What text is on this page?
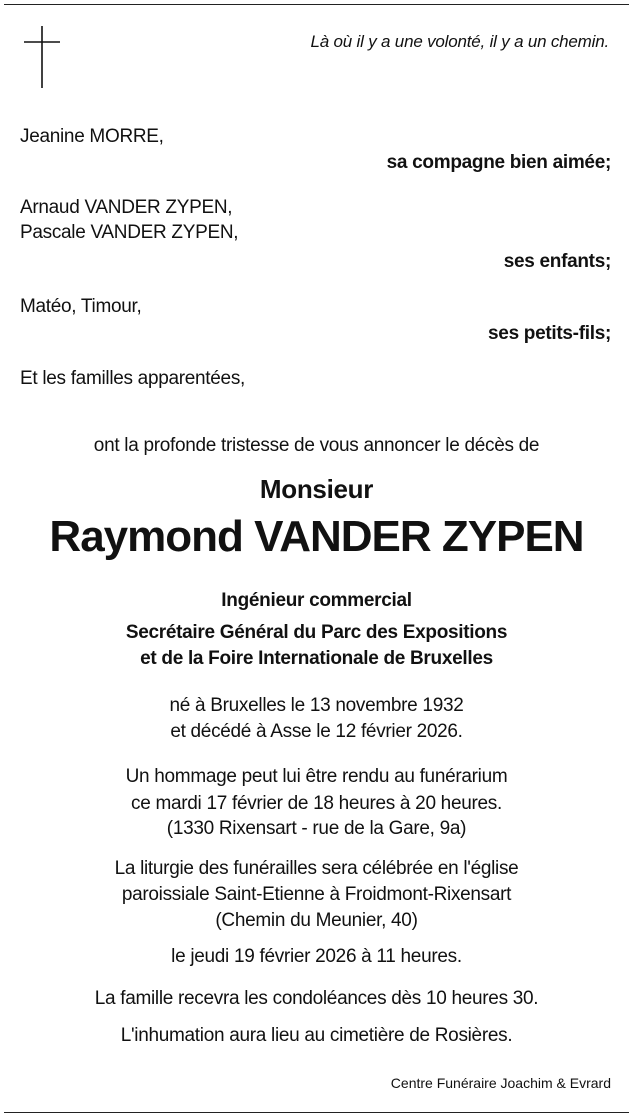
Là où il y a une volonté, il y a un chemin.
Jeanine MORRE,
sa compagne bien aimée;
Arnaud VANDER ZYPEN,
Pascale VANDER ZYPEN,
ses enfants;
Matéo, Timour,
ses petits-fils;
Et les familles apparentées,
ont la profonde tristesse de vous annoncer le décès de
Monsieur
Raymond VANDER ZYPEN
Ingénieur commercial
Secrétaire Général du Parc des Expositions
et de la Foire Internationale de Bruxelles
né à Bruxelles le 13 novembre 1932
et décédé à Asse le 12 février 2026.
Un hommage peut lui être rendu au funérarium
ce mardi 17 février de 18 heures à 20 heures.
(1330 Rixensart - rue de la Gare, 9a)
La liturgie des funérailles sera célébrée en l'église
paroissiale Saint-Etienne à Froidmont-Rixensart
(Chemin du Meunier, 40)
le jeudi 19 février 2026 à 11 heures.
La famille recevra les condoléances dès 10 heures 30.
L'inhumation aura lieu au cimetière de Rosières.
Centre Funéraire Joachim & Evrard
